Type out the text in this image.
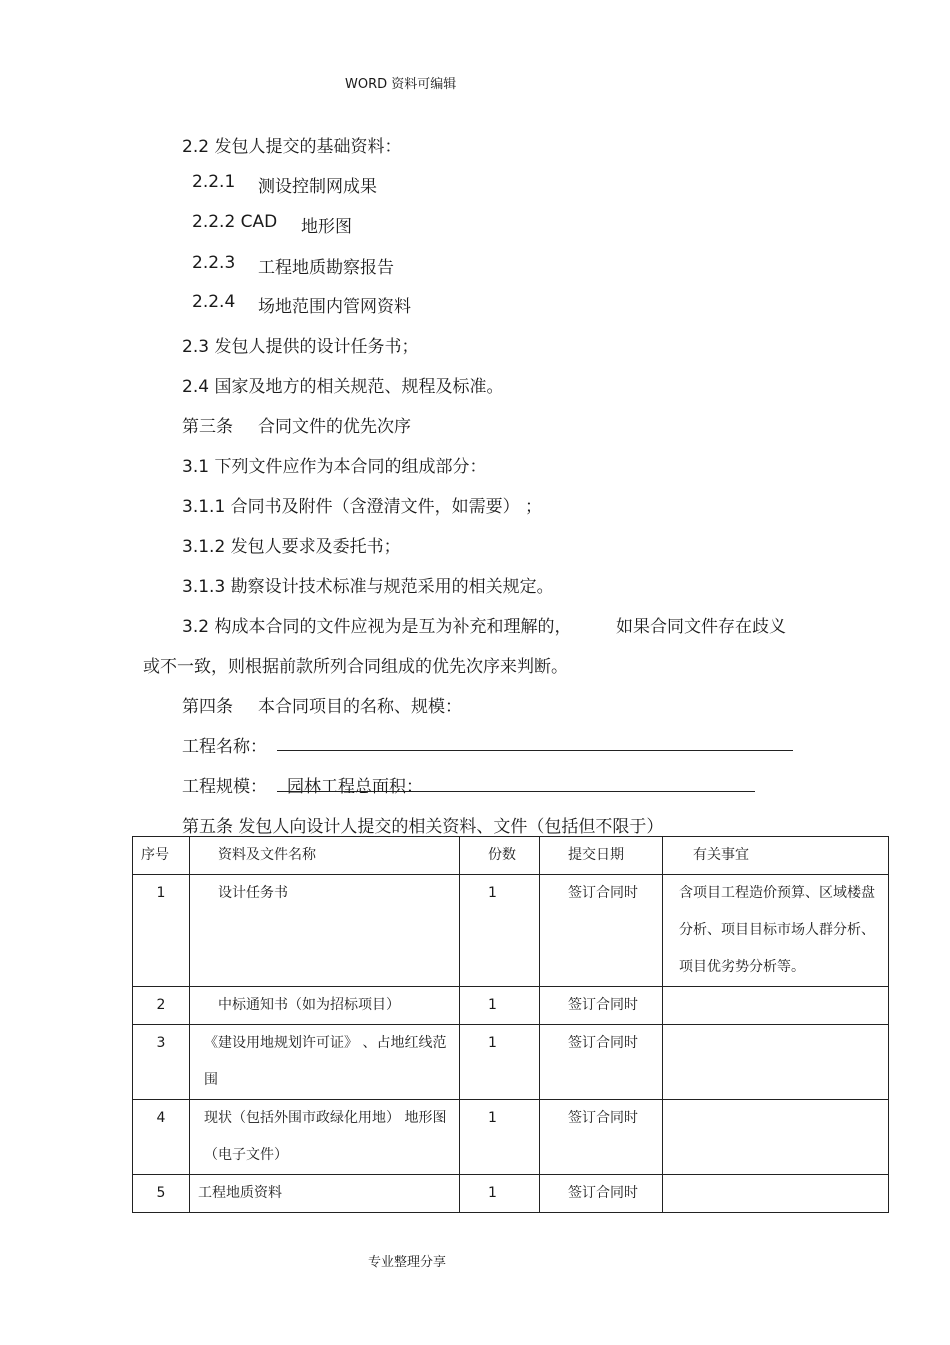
WORD 资料可编辑
2.2 发包人提交的基础资料：
2.2.1 测设控制网成果
2.2.2 CAD 地形图
2.2.3 工程地质勘察报告
2.2.4 场地范围内管网资料
2.3 发包人提供的设计任务书；
2.4 国家及地方的相关规范、规程及标准。
第三条 合同文件的优先次序
3.1 下列文件应作为本合同的组成部分：
3.1.1 合同书及附件（含澄清文件，如需要） ；
3.1.2 发包人要求及委托书；
3.1.3 勘察设计技术标准与规范采用的相关规定。
3.2 构成本合同的文件应视为是互为补充和理解的，	如果合同文件存在歧义
或不一致，则根据前款所列合同组成的优先次序来判断。
第四条 本合同项目的名称、规模：
工程名称：
工程规模： 园林工程总面积：
第五条 发包人向设计人提交的相关资料、文件（包括但不限于）
序号	资料及文件名称	份数	提交日期	有关事宜
1	设计任务书	1	签订合同时	含项目工程造价预算、区域楼盘分析、项目目标市场人群分析、项目优劣势分析等。
2	中标通知书（如为招标项目）	1	签订合同时	
3	《建设用地规划许可证》 、占地红线范围	1	签订合同时	
4	现状（包括外围市政绿化用地） 地形图（电子文件）	1	签订合同时	
5	工程地质资料	1	签订合同时	
专业整理分享
